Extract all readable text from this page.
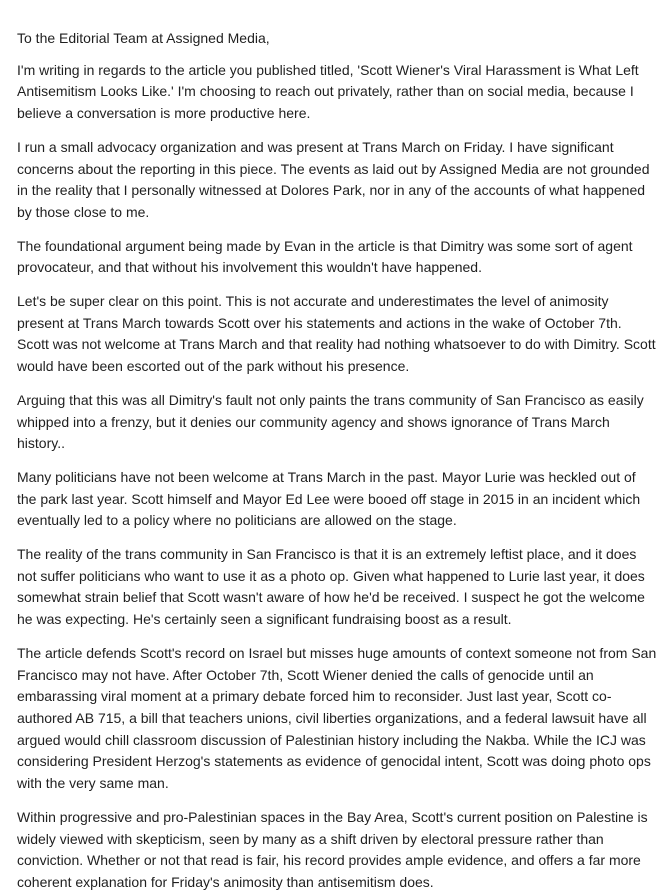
To the Editorial Team at Assigned Media,

I'm writing in regards to the article you published titled, 'Scott Wiener's Viral Harassment is What Left Antisemitism Looks Like.' I'm choosing to reach out privately, rather than on social media, because I believe a conversation is more productive here.

I run a small advocacy organization and was present at Trans March on Friday. I have significant concerns about the reporting in this piece. The events as laid out by Assigned Media are not grounded in the reality that I personally witnessed at Dolores Park, nor in any of the accounts of what happened by those close to me.

The foundational argument being made by Evan in the article is that Dimitry was some sort of agent provocateur, and that without his involvement this wouldn't have happened.

Let's be super clear on this point. This is not accurate and underestimates the level of animosity present at Trans March towards Scott over his statements and actions in the wake of October 7th. Scott was not welcome at Trans March and that reality had nothing whatsoever to do with Dimitry. Scott would have been escorted out of the park without his presence.

Arguing that this was all Dimitry's fault not only paints the trans community of San Francisco as easily whipped into a frenzy, but it denies our community agency and shows ignorance of Trans March history..

Many politicians have not been welcome at Trans March in the past. Mayor Lurie was heckled out of the park last year. Scott himself and Mayor Ed Lee were booed off stage in 2015 in an incident which eventually led to a policy where no politicians are allowed on the stage.

The reality of the trans community in San Francisco is that it is an extremely leftist place, and it does not suffer politicians who want to use it as a photo op. Given what happened to Lurie last year, it does somewhat strain belief that Scott wasn't aware of how he'd be received. I suspect he got the welcome he was expecting. He's certainly seen a significant fundraising boost as a result.

The article defends Scott's record on Israel but misses huge amounts of context someone not from San Francisco may not have. After October 7th, Scott Wiener denied the calls of genocide until an embarassing viral moment at a primary debate forced him to reconsider. Just last year, Scott co-authored AB 715, a bill that teachers unions, civil liberties organizations, and a federal lawsuit have all argued would chill classroom discussion of Palestinian history including the Nakba. While the ICJ was considering President Herzog's statements as evidence of genocidal intent, Scott was doing photo ops with the very same man.

Within progressive and pro-Palestinian spaces in the Bay Area, Scott's current position on Palestine is widely viewed with skepticism, seen by many as a shift driven by electoral pressure rather than conviction. Whether or not that read is fair, his record provides ample evidence, and offers a far more coherent explanation for Friday's animosity than antisemitism does.
